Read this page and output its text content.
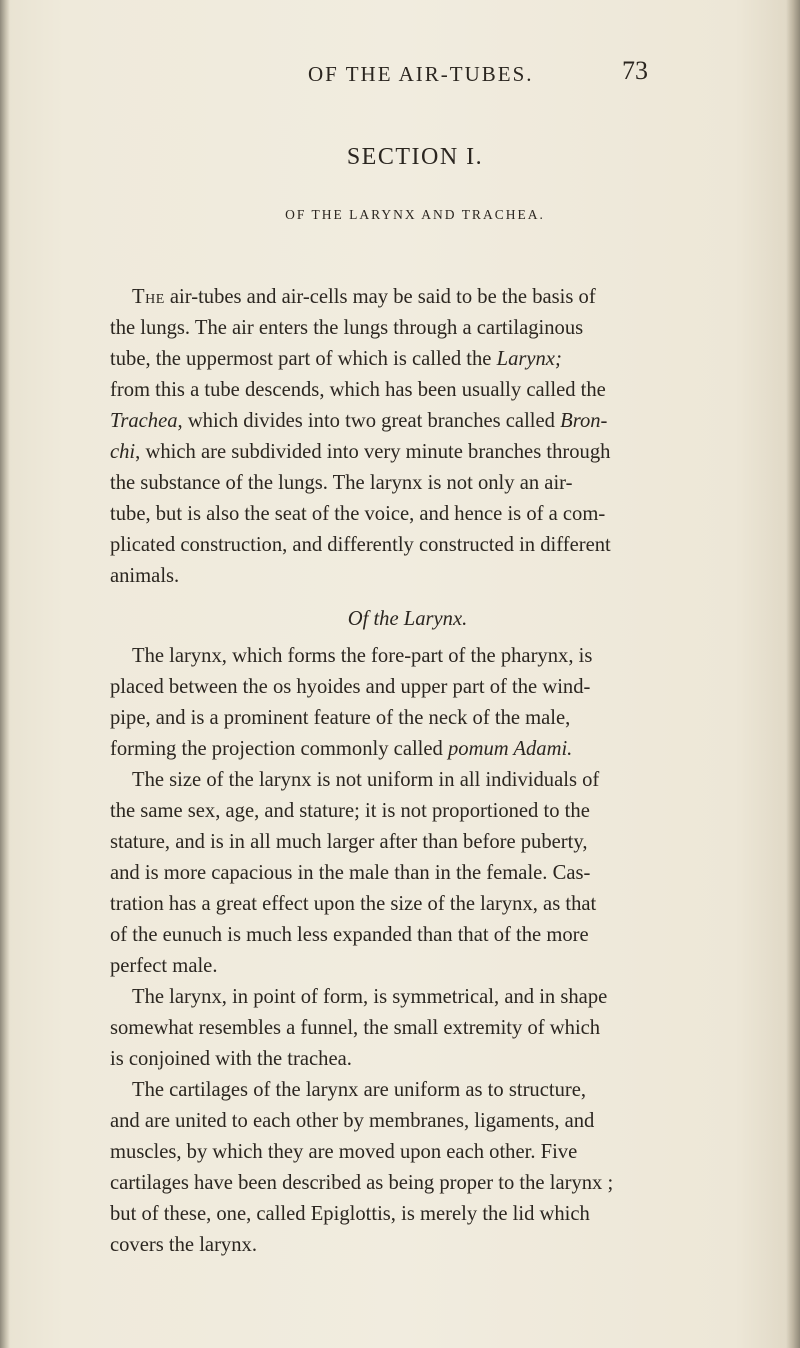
OF THE AIR-TUBES.	73
SECTION I.
OF THE LARYNX AND TRACHEA.
The air-tubes and air-cells may be said to be the basis of
the lungs. The air enters the lungs through a cartilaginous
tube, the uppermost part of which is called the Larynx;
from this a tube descends, which has been usually called the
Trachea, which divides into two great branches called Bron-
chi, which are subdivided into very minute branches through
the substance of the lungs. The larynx is not only an air-
tube, but is also the seat of the voice, and hence is of a com-
plicated construction, and differently constructed in different
animals.
Of the Larynx.
The larynx, which forms the fore-part of the pharynx, is
placed between the os hyoides and upper part of the wind-
pipe, and is a prominent feature of the neck of the male,
forming the projection commonly called pomum Adami.
The size of the larynx is not uniform in all individuals of
the same sex, age, and stature; it is not proportioned to the
stature, and is in all much larger after than before puberty,
and is more capacious in the male than in the female. Cas-
tration has a great effect upon the size of the larynx, as that
of the eunuch is much less expanded than that of the more
perfect male.
The larynx, in point of form, is symmetrical, and in shape
somewhat resembles a funnel, the small extremity of which
is conjoined with the trachea.
The cartilages of the larynx are uniform as to structure,
and are united to each other by membranes, ligaments, and
muscles, by which they are moved upon each other. Five
cartilages have been described as being proper to the larynx ;
but of these, one, called Epiglottis, is merely the lid which
covers the larynx.
